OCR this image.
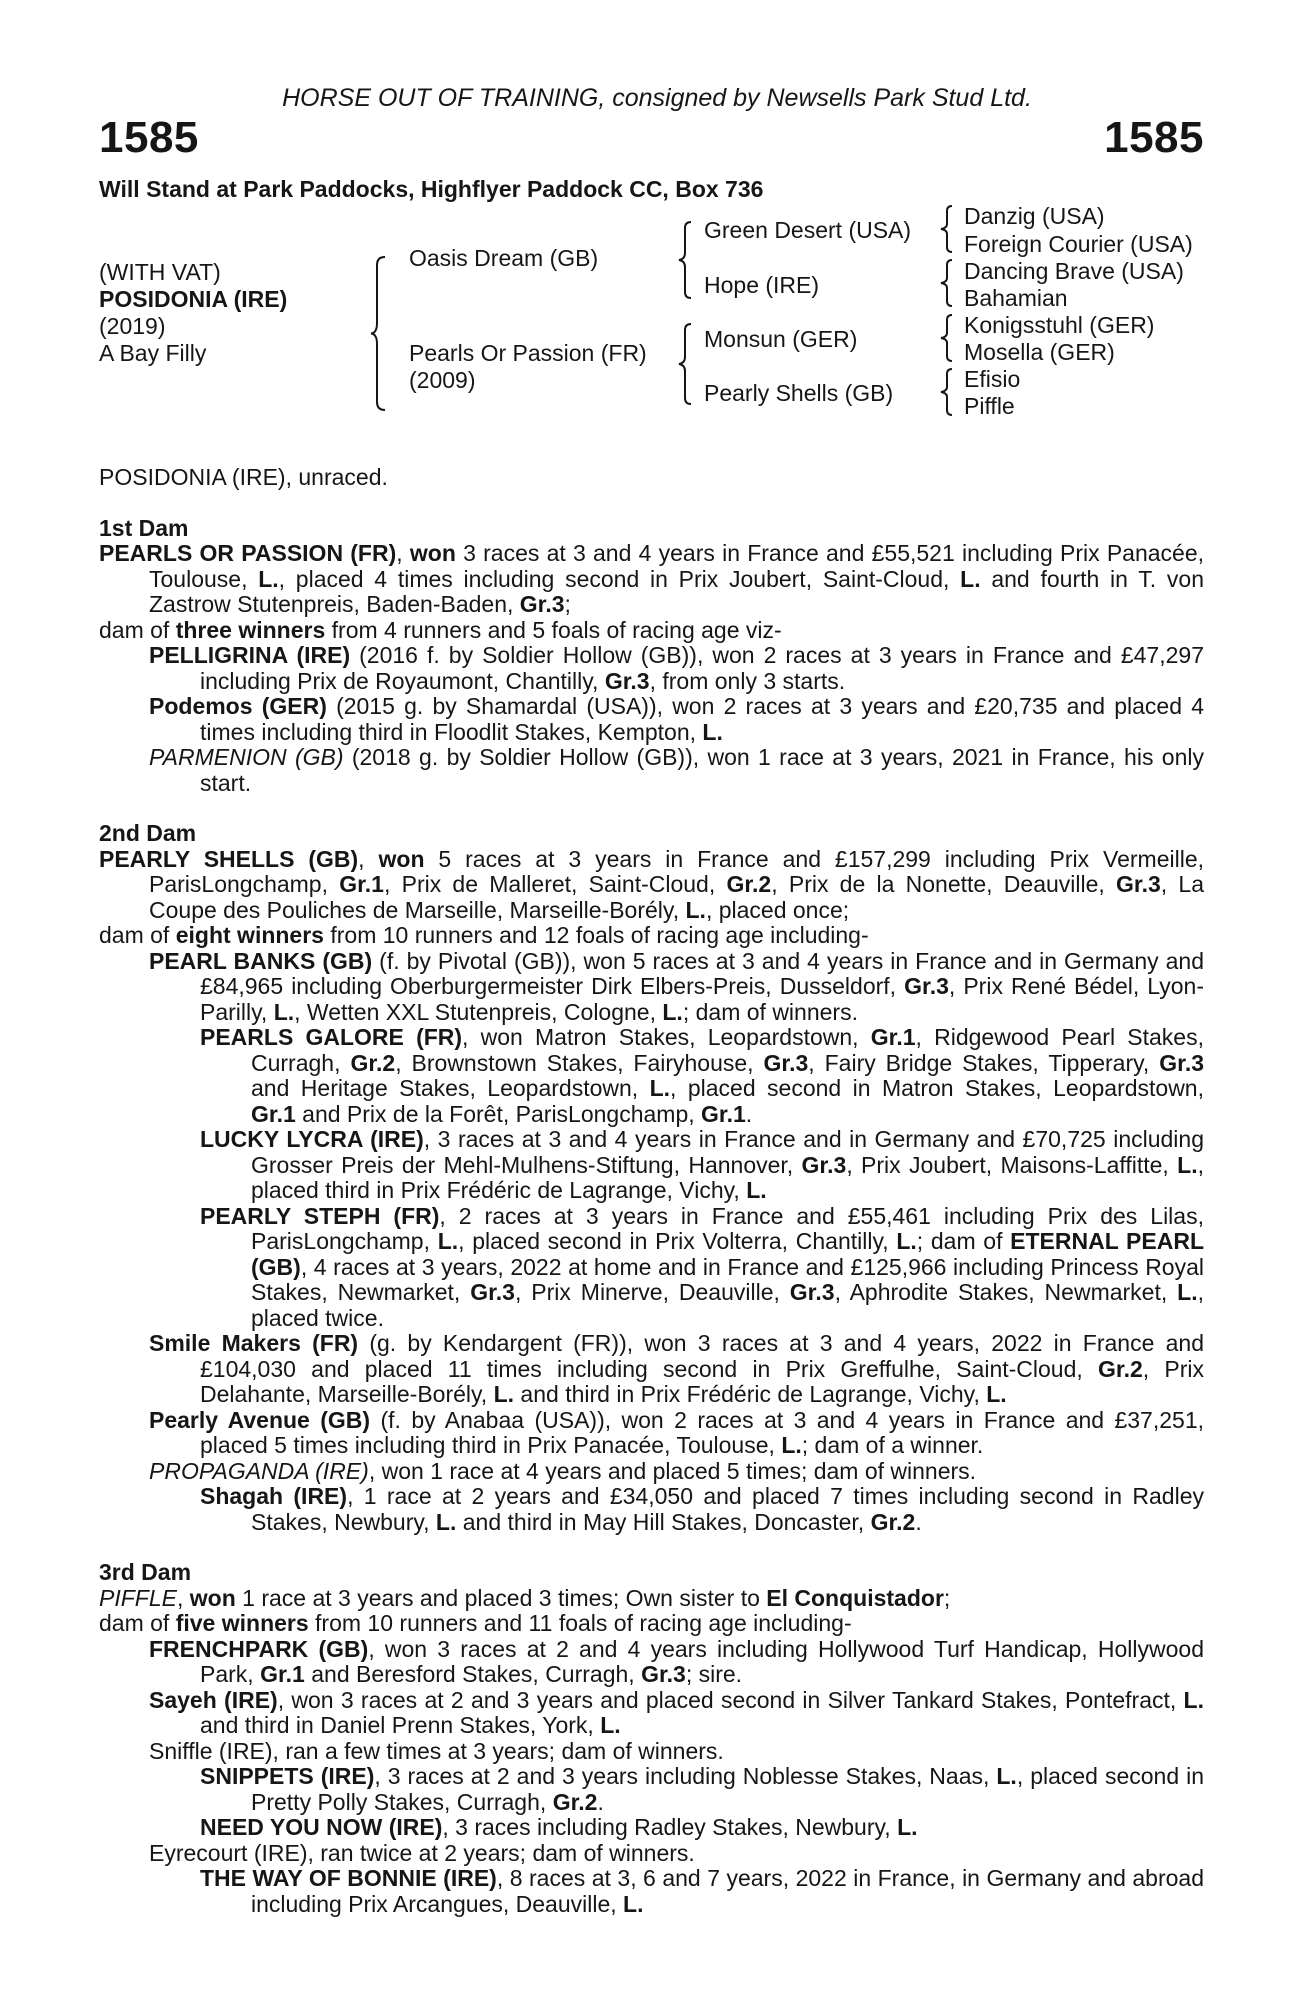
HORSE OUT OF TRAINING, consigned by Newsells Park Stud Ltd.
1585	1585
Will Stand at Park Paddocks, Highflyer Paddock CC, Box 736
(WITH VAT)
POSIDONIA (IRE)
(2019)
A Bay Filly
Oasis Dream (GB)
Pearls Or Passion (FR)
(2009)
Green Desert (USA)
Hope (IRE)
Monsun (GER)
Pearly Shells (GB)
Danzig (USA)
Foreign Courier (USA)
Dancing Brave (USA)
Bahamian
Konigsstuhl (GER)
Mosella (GER)
Efisio
Piffle
POSIDONIA (IRE), unraced.
1st Dam
PEARLS OR PASSION (FR), won 3 races at 3 and 4 years in France and £55,521 including Prix Panacée, Toulouse, L., placed 4 times including second in Prix Joubert, Saint-Cloud, L. and fourth in T. von Zastrow Stutenpreis, Baden-Baden, Gr.3;
dam of three winners from 4 runners and 5 foals of racing age viz-
PELLIGRINA (IRE) (2016 f. by Soldier Hollow (GB)), won 2 races at 3 years in France and £47,297 including Prix de Royaumont, Chantilly, Gr.3, from only 3 starts.
Podemos (GER) (2015 g. by Shamardal (USA)), won 2 races at 3 years and £20,735 and placed 4 times including third in Floodlit Stakes, Kempton, L.
PARMENION (GB) (2018 g. by Soldier Hollow (GB)), won 1 race at 3 years, 2021 in France, his only start.
2nd Dam
PEARLY SHELLS (GB), won 5 races at 3 years in France and £157,299 including Prix Vermeille, ParisLongchamp, Gr.1, Prix de Malleret, Saint-Cloud, Gr.2, Prix de la Nonette, Deauville, Gr.3, La Coupe des Pouliches de Marseille, Marseille-Borély, L., placed once;
dam of eight winners from 10 runners and 12 foals of racing age including-
PEARL BANKS (GB) (f. by Pivotal (GB)), won 5 races at 3 and 4 years in France and in Germany and £84,965 including Oberburgermeister Dirk Elbers-Preis, Dusseldorf, Gr.3, Prix René Bédel, Lyon-Parilly, L., Wetten XXL Stutenpreis, Cologne, L.; dam of winners.
PEARLS GALORE (FR), won Matron Stakes, Leopardstown, Gr.1, Ridgewood Pearl Stakes, Curragh, Gr.2, Brownstown Stakes, Fairyhouse, Gr.3, Fairy Bridge Stakes, Tipperary, Gr.3 and Heritage Stakes, Leopardstown, L., placed second in Matron Stakes, Leopardstown, Gr.1 and Prix de la Forêt, ParisLongchamp, Gr.1.
LUCKY LYCRA (IRE), 3 races at 3 and 4 years in France and in Germany and £70,725 including Grosser Preis der Mehl-Mulhens-Stiftung, Hannover, Gr.3, Prix Joubert, Maisons-Laffitte, L., placed third in Prix Frédéric de Lagrange, Vichy, L.
PEARLY STEPH (FR), 2 races at 3 years in France and £55,461 including Prix des Lilas, ParisLongchamp, L., placed second in Prix Volterra, Chantilly, L.; dam of ETERNAL PEARL (GB), 4 races at 3 years, 2022 at home and in France and £125,966 including Princess Royal Stakes, Newmarket, Gr.3, Prix Minerve, Deauville, Gr.3, Aphrodite Stakes, Newmarket, L., placed twice.
Smile Makers (FR) (g. by Kendargent (FR)), won 3 races at 3 and 4 years, 2022 in France and £104,030 and placed 11 times including second in Prix Greffulhe, Saint-Cloud, Gr.2, Prix Delahante, Marseille-Borély, L. and third in Prix Frédéric de Lagrange, Vichy, L.
Pearly Avenue (GB) (f. by Anabaa (USA)), won 2 races at 3 and 4 years in France and £37,251, placed 5 times including third in Prix Panacée, Toulouse, L.; dam of a winner.
PROPAGANDA (IRE), won 1 race at 4 years and placed 5 times; dam of winners.
Shagah (IRE), 1 race at 2 years and £34,050 and placed 7 times including second in Radley Stakes, Newbury, L. and third in May Hill Stakes, Doncaster, Gr.2.
3rd Dam
PIFFLE, won 1 race at 3 years and placed 3 times; Own sister to El Conquistador;
dam of five winners from 10 runners and 11 foals of racing age including-
FRENCHPARK (GB), won 3 races at 2 and 4 years including Hollywood Turf Handicap, Hollywood Park, Gr.1 and Beresford Stakes, Curragh, Gr.3; sire.
Sayeh (IRE), won 3 races at 2 and 3 years and placed second in Silver Tankard Stakes, Pontefract, L. and third in Daniel Prenn Stakes, York, L.
Sniffle (IRE), ran a few times at 3 years; dam of winners.
SNIPPETS (IRE), 3 races at 2 and 3 years including Noblesse Stakes, Naas, L., placed second in Pretty Polly Stakes, Curragh, Gr.2.
NEED YOU NOW (IRE), 3 races including Radley Stakes, Newbury, L.
Eyrecourt (IRE), ran twice at 2 years; dam of winners.
THE WAY OF BONNIE (IRE), 8 races at 3, 6 and 7 years, 2022 in France, in Germany and abroad including Prix Arcangues, Deauville, L.
